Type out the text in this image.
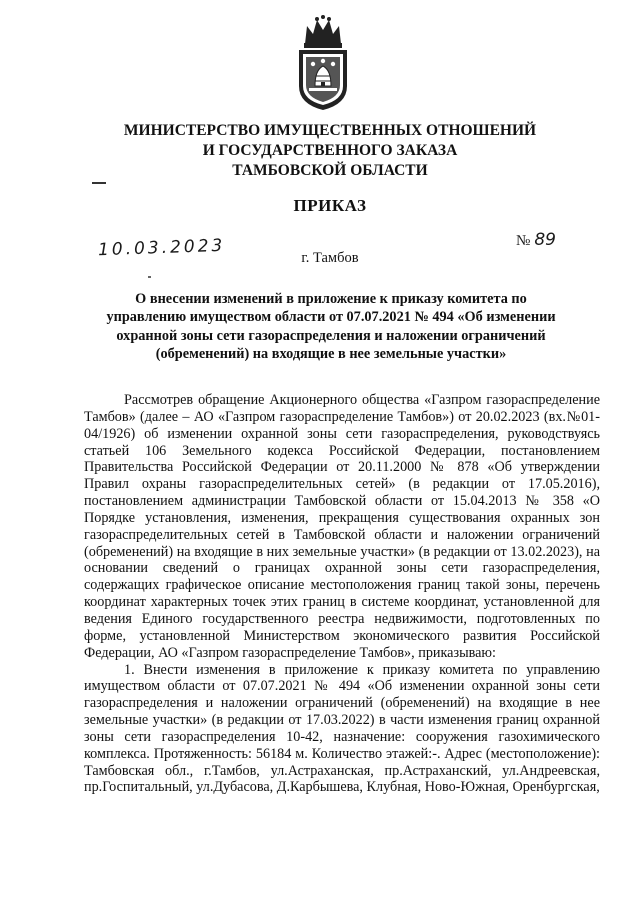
МИНИСТЕРСТВО ИМУЩЕСТВЕННЫХ ОТНОШЕНИЙ
И ГОСУДАРСТВЕННОГО ЗАКАЗА
ТАМБОВСКОЙ ОБЛАСТИ
ПРИКАЗ
10.03.2023	№ 89
г. Тамбов
О внесении изменений в приложение к приказу комитета по управлению имуществом области от 07.07.2021 № 494 «Об изменении охранной зоны сети газораспределения и наложении ограничений (обременений) на входящие в нее земельные участки»

Рассмотрев обращение Акционерного общества «Газпром газораспределение Тамбов» (далее – АО «Газпром газораспределение Тамбов») от 20.02.2023 (вх.№01-04/1926) об изменении охранной зоны сети газораспределения, руководствуясь статьей 106 Земельного кодекса Российской Федерации, постановлением Правительства Российской Федерации от 20.11.2000 № 878 «Об утверждении Правил охраны газораспределительных сетей» (в редакции от 17.05.2016), постановлением администрации Тамбовской области от 15.04.2013 № 358 «О Порядке установления, изменения, прекращения существования охранных зон газораспределительных сетей в Тамбовской области и наложении ограничений (обременений) на входящие в них земельные участки» (в редакции от 13.02.2023), на основании сведений о границах охранной зоны сети газораспределения, содержащих графическое описание местоположения границ такой зоны, перечень координат характерных точек этих границ в системе координат, установленной для ведения Единого государственного реестра недвижимости, подготовленных по форме, установленной Министерством экономического развития Российской Федерации, АО «Газпром газораспределение Тамбов», приказываю:

1. Внести изменения в приложение к приказу комитета по управлению имуществом области от 07.07.2021 № 494 «Об изменении охранной зоны сети газораспределения и наложении ограничений (обременений) на входящие в нее земельные участки» (в редакции от 17.03.2022) в части изменения границ охранной зоны сети газораспределения 10-42, назначение: сооружения газохимического комплекса. Протяженность: 56184 м. Количество этажей:-. Адрес (местоположение): Тамбовская обл., г.Тамбов, ул.Астраханская, пр.Астраханский, ул.Андреевская, пр.Госпитальный, ул.Дубасова, Д.Карбышева, Клубная, Ново-Южная, Оренбургская,
